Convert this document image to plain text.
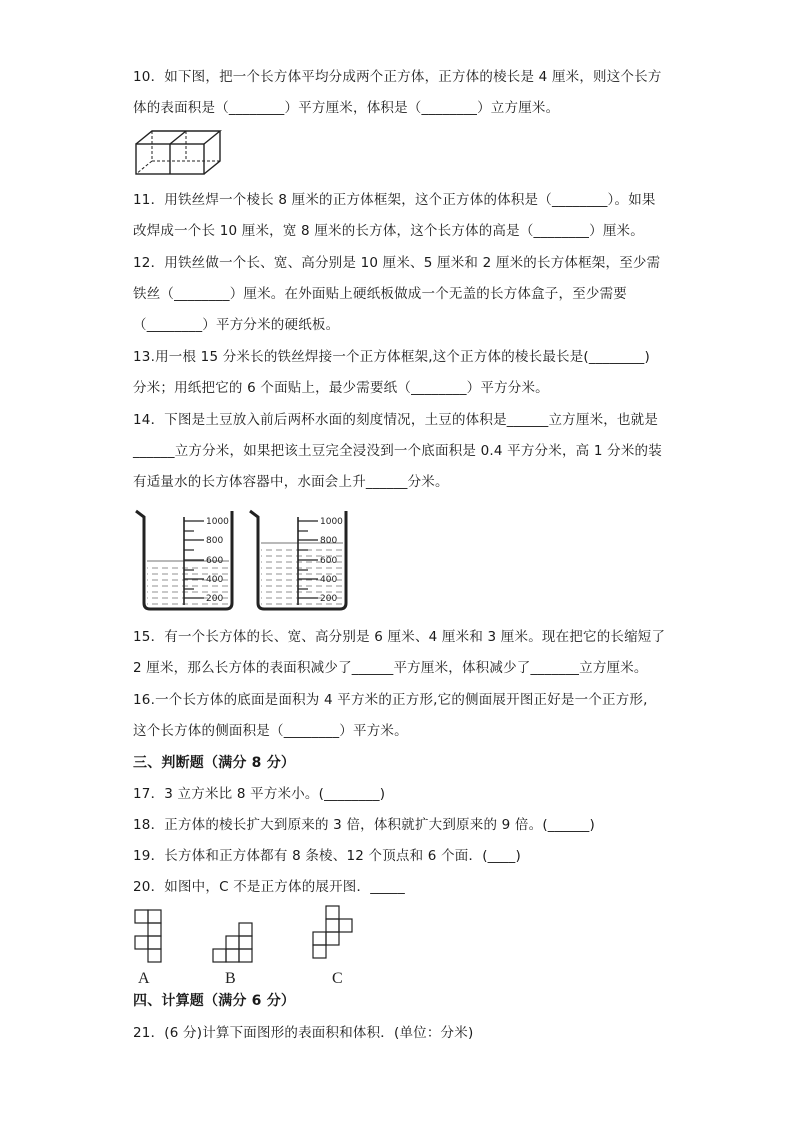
10．如下图，把一个长方体平均分成两个正方体，正方体的棱长是 4 厘米，则这个长方
体的表面积是（________）平方厘米，体积是（________）立方厘米。
11．用铁丝焊一个棱长 8 厘米的正方体框架，这个正方体的体积是（________）。如果
改焊成一个长 10 厘米，宽 8 厘米的长方体，这个长方体的高是（________）厘米。
12．用铁丝做一个长、宽、高分别是 10 厘米、5 厘米和 2 厘米的长方体框架，至少需
铁丝（________）厘米。在外面贴上硬纸板做成一个无盖的长方体盒子，至少需要
（________）平方分米的硬纸板。
13.用一根 15 分米长的铁丝焊接一个正方体框架,这个正方体的棱长最长是(________)
分米；用纸把它的 6 个面贴上，最少需要纸（________）平方分米。
14．下图是土豆放入前后两杯水面的刻度情况，土豆的体积是______立方厘米，也就是
______立方分米，如果把该土豆完全浸没到一个底面积是 0.4 平方分米，高 1 分米的装
有适量水的长方体容器中，水面会上升______分米。
1000
800
600
400
200
1000
800
600
400
200
15．有一个长方体的长、宽、高分别是 6 厘米、4 厘米和 3 厘米。现在把它的长缩短了
2 厘米，那么长方体的表面积减少了______平方厘米，体积减少了_______立方厘米。
16.一个长方体的底面是面积为 4 平方米的正方形,它的侧面展开图正好是一个正方形,
这个长方体的侧面积是（________）平方米。
三、判断题（满分 8 分）
17．3 立方米比 8 平方米小。(________)
18．正方体的棱长扩大到原来的 3 倍，体积就扩大到原来的 9 倍。(______)
19．长方体和正方体都有 8 条棱、12 个顶点和 6 个面．(____)
20．如图中，C 不是正方体的展开图．_____
A	B	C
四、计算题（满分 6 分）
21．(6 分)计算下面图形的表面积和体积．(单位：分米)
